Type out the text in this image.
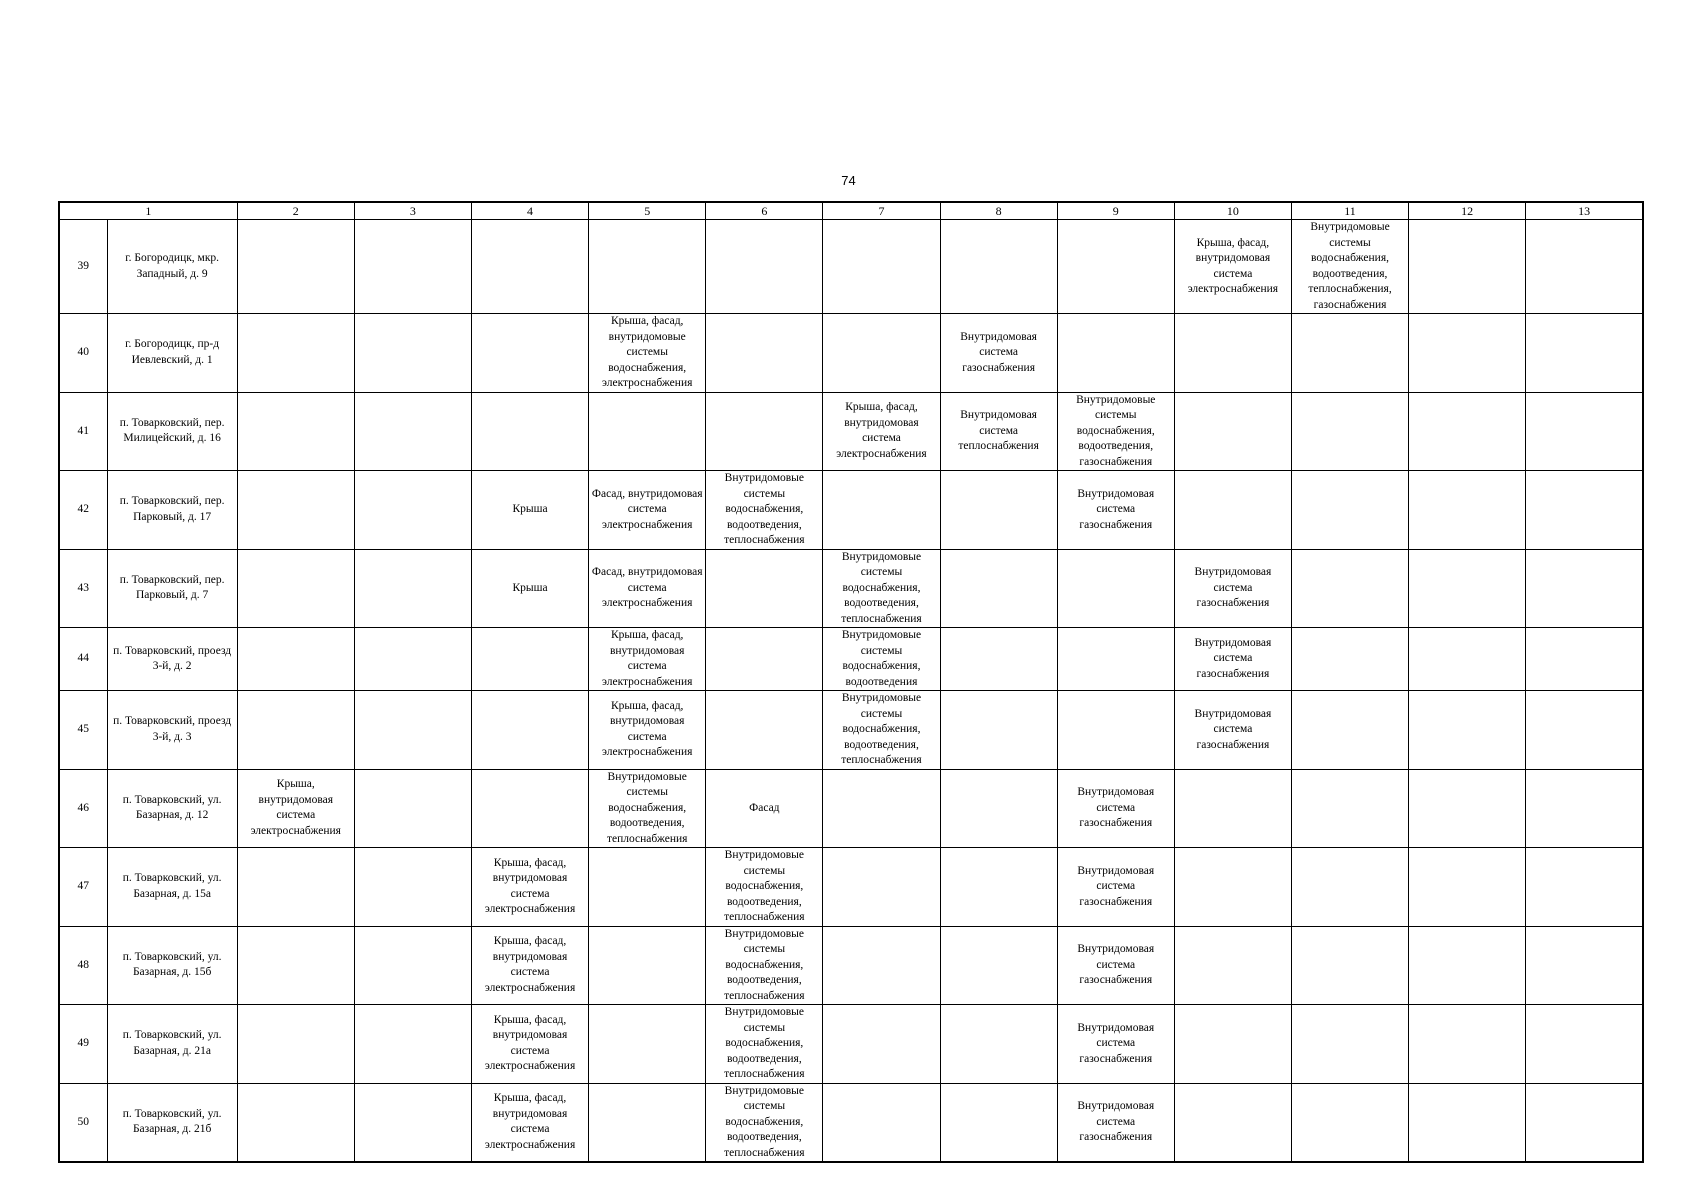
74
1		2	3	4	5	6	7	8	9	10	11	12	13
39	г. Богородицк, мкр. Западный, д. 9									Крыша, фасад, внутридомовая система электроснабжения	Внутридомовые системы водоснабжения, водоотведения, теплоснабжения, газоснабжения		
40	г. Богородицк, пр-д Иевлевский, д. 1				Крыша, фасад, внутридомовые системы водоснабжения, электроснабжения			Внутридомовая система газоснабжения					
41	п. Товарковский, пер. Милицейский, д. 16						Крыша, фасад, внутридомовая система электроснабжения	Внутридомовая система теплоснабжения	Внутридомовые системы водоснабжения, водоотведения, газоснабжения				
42	п. Товарковский, пер. Парковый, д. 17			Крыша	Фасад, внутридомовая система электроснабжения	Внутридомовые системы водоснабжения, водоотведения, теплоснабжения			Внутридомовая система газоснабжения				
43	п. Товарковский, пер. Парковый, д. 7			Крыша	Фасад, внутридомовая система электроснабжения		Внутридомовые системы водоснабжения, водоотведения, теплоснабжения			Внутридомовая система газоснабжения			
44	п. Товарковский, проезд 3-й, д. 2				Крыша, фасад, внутридомовая система электроснабжения		Внутридомовые системы водоснабжения, водоотведения			Внутридомовая система газоснабжения			
45	п. Товарковский, проезд 3-й, д. 3				Крыша, фасад, внутридомовая система электроснабжения		Внутридомовые системы водоснабжения, водоотведения, теплоснабжения			Внутридомовая система газоснабжения			
46	п. Товарковский, ул. Базарная, д. 12	Крыша, внутридомовая система электроснабжения			Внутридомовые системы водоснабжения, водоотведения, теплоснабжения	Фасад			Внутридомовая система газоснабжения				
47	п. Товарковский, ул. Базарная, д. 15а			Крыша, фасад, внутридомовая система электроснабжения		Внутридомовые системы водоснабжения, водоотведения, теплоснабжения			Внутридомовая система газоснабжения				
48	п. Товарковский, ул. Базарная, д. 15б			Крыша, фасад, внутридомовая система электроснабжения		Внутридомовые системы водоснабжения, водоотведения, теплоснабжения			Внутридомовая система газоснабжения				
49	п. Товарковский, ул. Базарная, д. 21а			Крыша, фасад, внутридомовая система электроснабжения		Внутридомовые системы водоснабжения, водоотведения, теплоснабжения			Внутридомовая система газоснабжения				
50	п. Товарковский, ул. Базарная, д. 21б			Крыша, фасад, внутридомовая система электроснабжения		Внутридомовые системы водоснабжения, водоотведения, теплоснабжения			Внутридомовая система газоснабжения				
